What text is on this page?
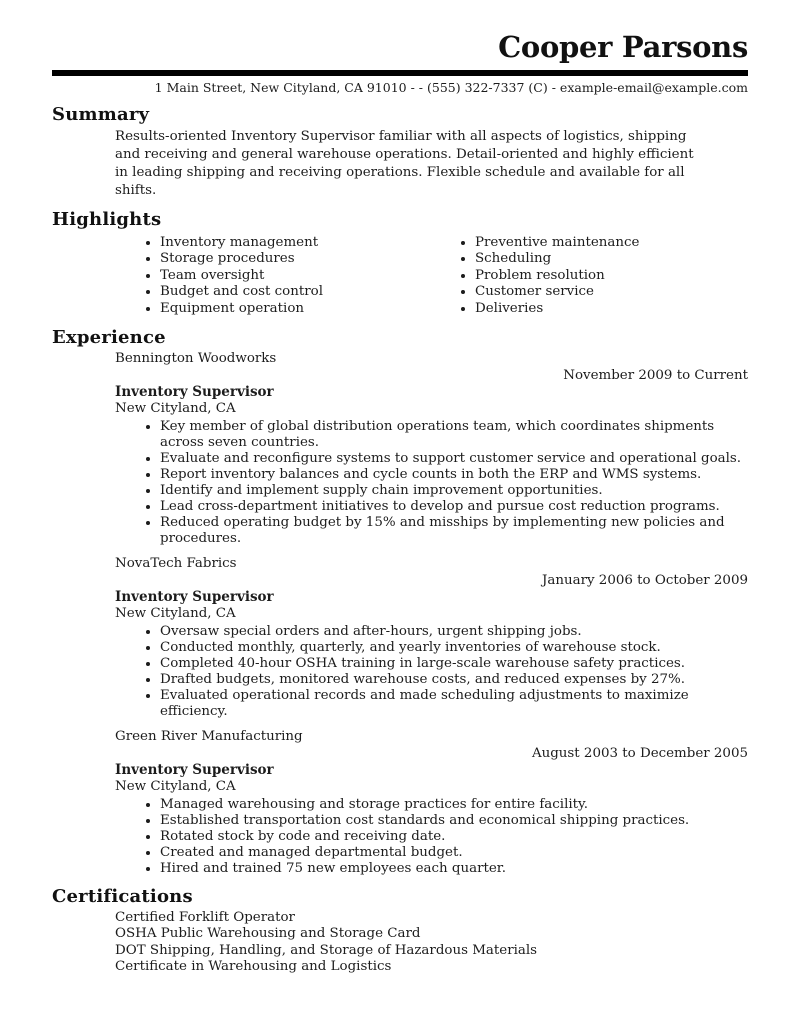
Cooper Parsons
1 Main Street, New Cityland, CA 91010 - - (555) 322-7337 (C) - example-email@example.com
Summary

Results-oriented Inventory Supervisor familiar with all aspects of logistics, shipping and receiving and general warehouse operations. Detail-oriented and highly efficient in leading shipping and receiving operations. Flexible schedule and available for all shifts.

Highlights
• Inventory management
• Storage procedures
• Team oversight
• Budget and cost control
• Equipment operation
• Preventive maintenance
• Scheduling
• Problem resolution
• Customer service
• Deliveries
Experience
Bennington Woodworks
November 2009 to Current
Inventory Supervisor
New Cityland, CA
• Key member of global distribution operations team, which coordinates shipments across seven countries.
• Evaluate and reconfigure systems to support customer service and operational goals.
• Report inventory balances and cycle counts in both the ERP and WMS systems.
• Identify and implement supply chain improvement opportunities.
• Lead cross-department initiatives to develop and pursue cost reduction programs.
• Reduced operating budget by 15% and misships by implementing new policies and procedures.
NovaTech Fabrics
January 2006 to October 2009
Inventory Supervisor
New Cityland, CA
• Oversaw special orders and after-hours, urgent shipping jobs.
• Conducted monthly, quarterly, and yearly inventories of warehouse stock.
• Completed 40-hour OSHA training in large-scale warehouse safety practices.
• Drafted budgets, monitored warehouse costs, and reduced expenses by 27%.
• Evaluated operational records and made scheduling adjustments to maximize efficiency.
Green River Manufacturing
August 2003 to December 2005
Inventory Supervisor
New Cityland, CA
• Managed warehousing and storage practices for entire facility.
• Established transportation cost standards and economical shipping practices.
• Rotated stock by code and receiving date.
• Created and managed departmental budget.
• Hired and trained 75 new employees each quarter.
Certifications
Certified Forklift Operator
OSHA Public Warehousing and Storage Card
DOT Shipping, Handling, and Storage of Hazardous Materials
Certificate in Warehousing and Logistics
